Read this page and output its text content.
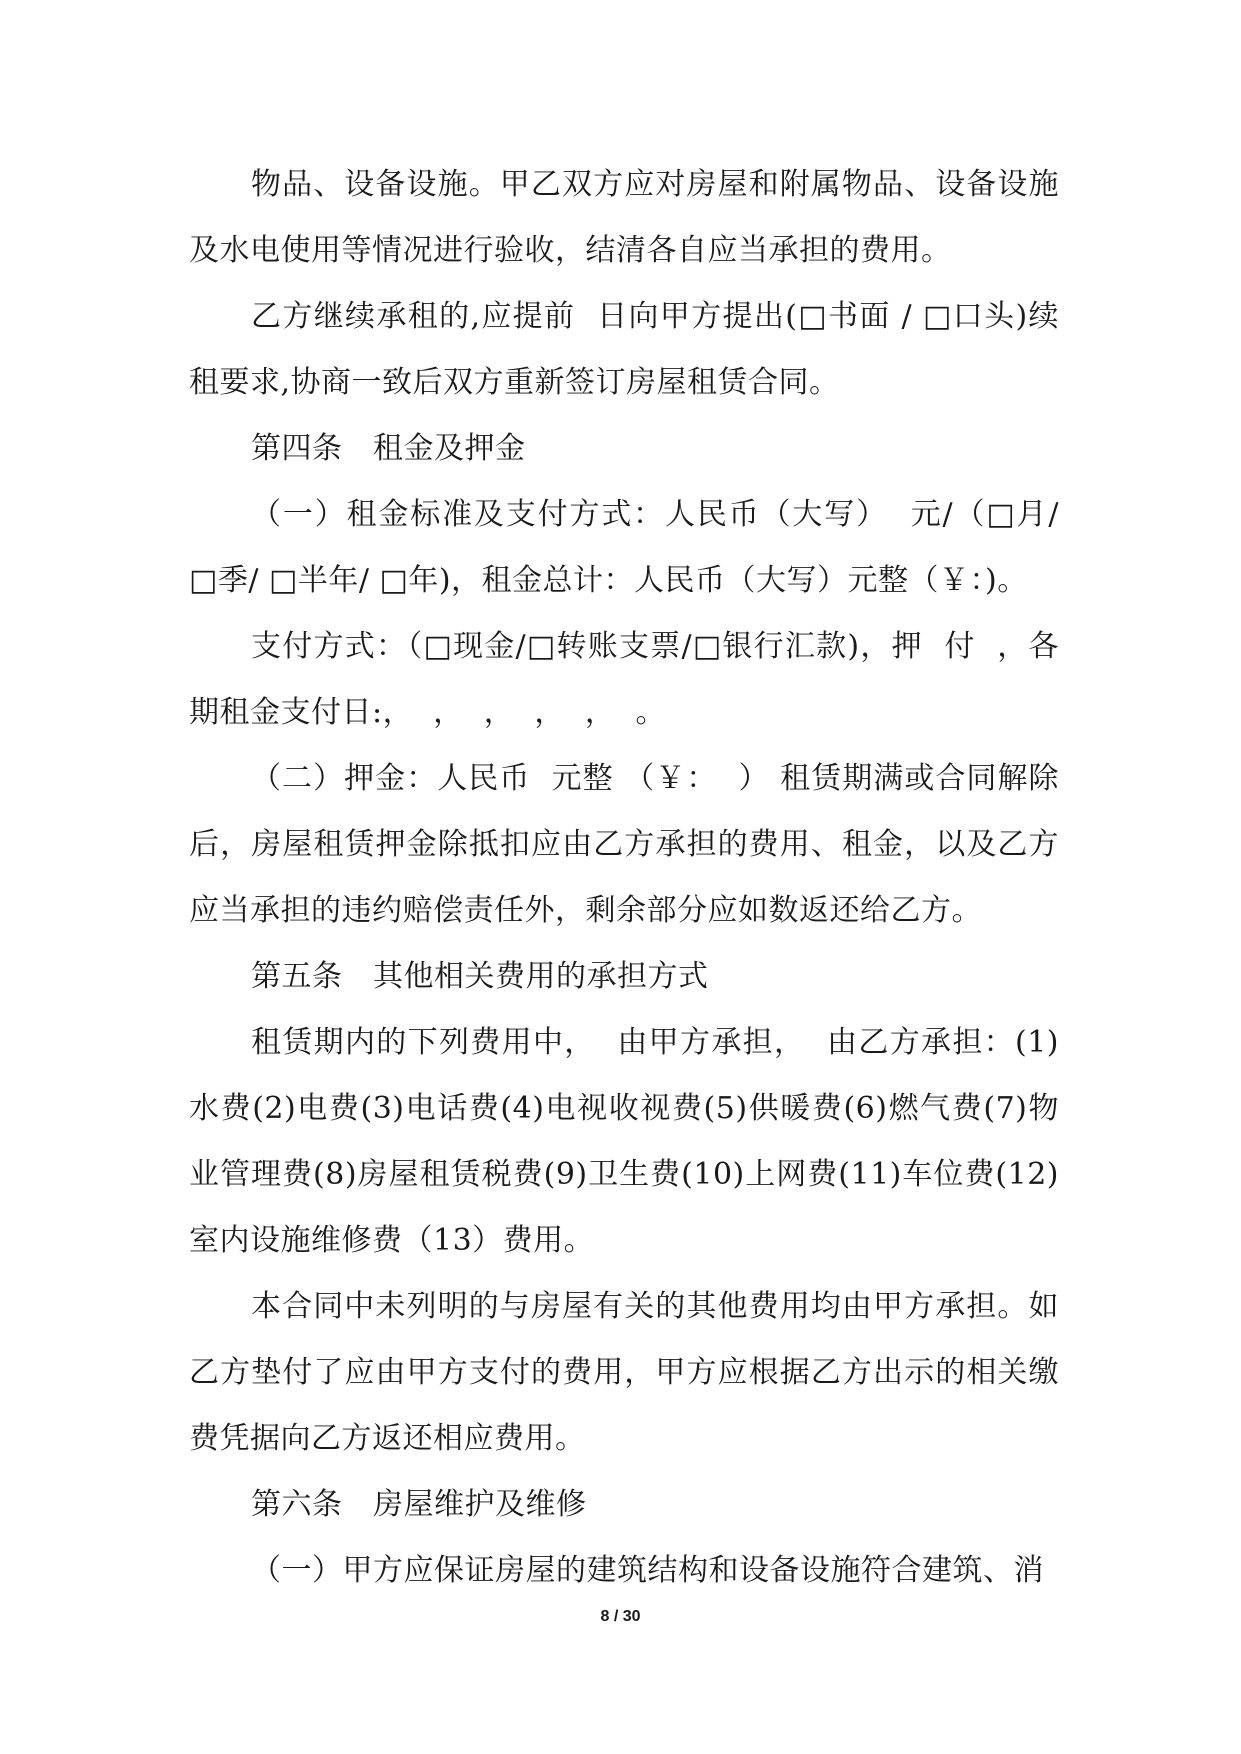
物品、设备设施。甲乙双方应对房屋和附属物品、设备设施及水电使用等情况进行验收，结清各自应当承担的费用。

乙方继续承租的,应提前  日向甲方提出(□书面 / □口头)续租要求,协商一致后双方重新签订房屋租赁合同。

第四条　租金及押金

（一）租金标准及支付方式：人民币（大写）  元/（□月/ □季/ □半年/ □年)，租金总计：人民币（大写）元整（￥：)。

支付方式：（□现金/□转账支票/□银行汇款)，押  付  ，各期租金支付日:，  ，  ，  ，  ，  。

（二）押金：人民币  元整 （￥：  ） 租赁期满或合同解除后，房屋租赁押金除抵扣应由乙方承担的费用、租金，以及乙方应当承担的违约赔偿责任外，剩余部分应如数返还给乙方。

第五条　其他相关费用的承担方式

租赁期内的下列费用中，  由甲方承担，  由乙方承担：(1)水费(2)电费(3)电话费(4)电视收视费(5)供暖费(6)燃气费(7)物业管理费(8)房屋租赁税费(9)卫生费(10)上网费(11)车位费(12)室内设施维修费（13）费用。

本合同中未列明的与房屋有关的其他费用均由甲方承担。如乙方垫付了应由甲方支付的费用，甲方应根据乙方出示的相关缴费凭据向乙方返还相应费用。

第六条　房屋维护及维修

（一）甲方应保证房屋的建筑结构和设备设施符合建筑、消

8 / 30
